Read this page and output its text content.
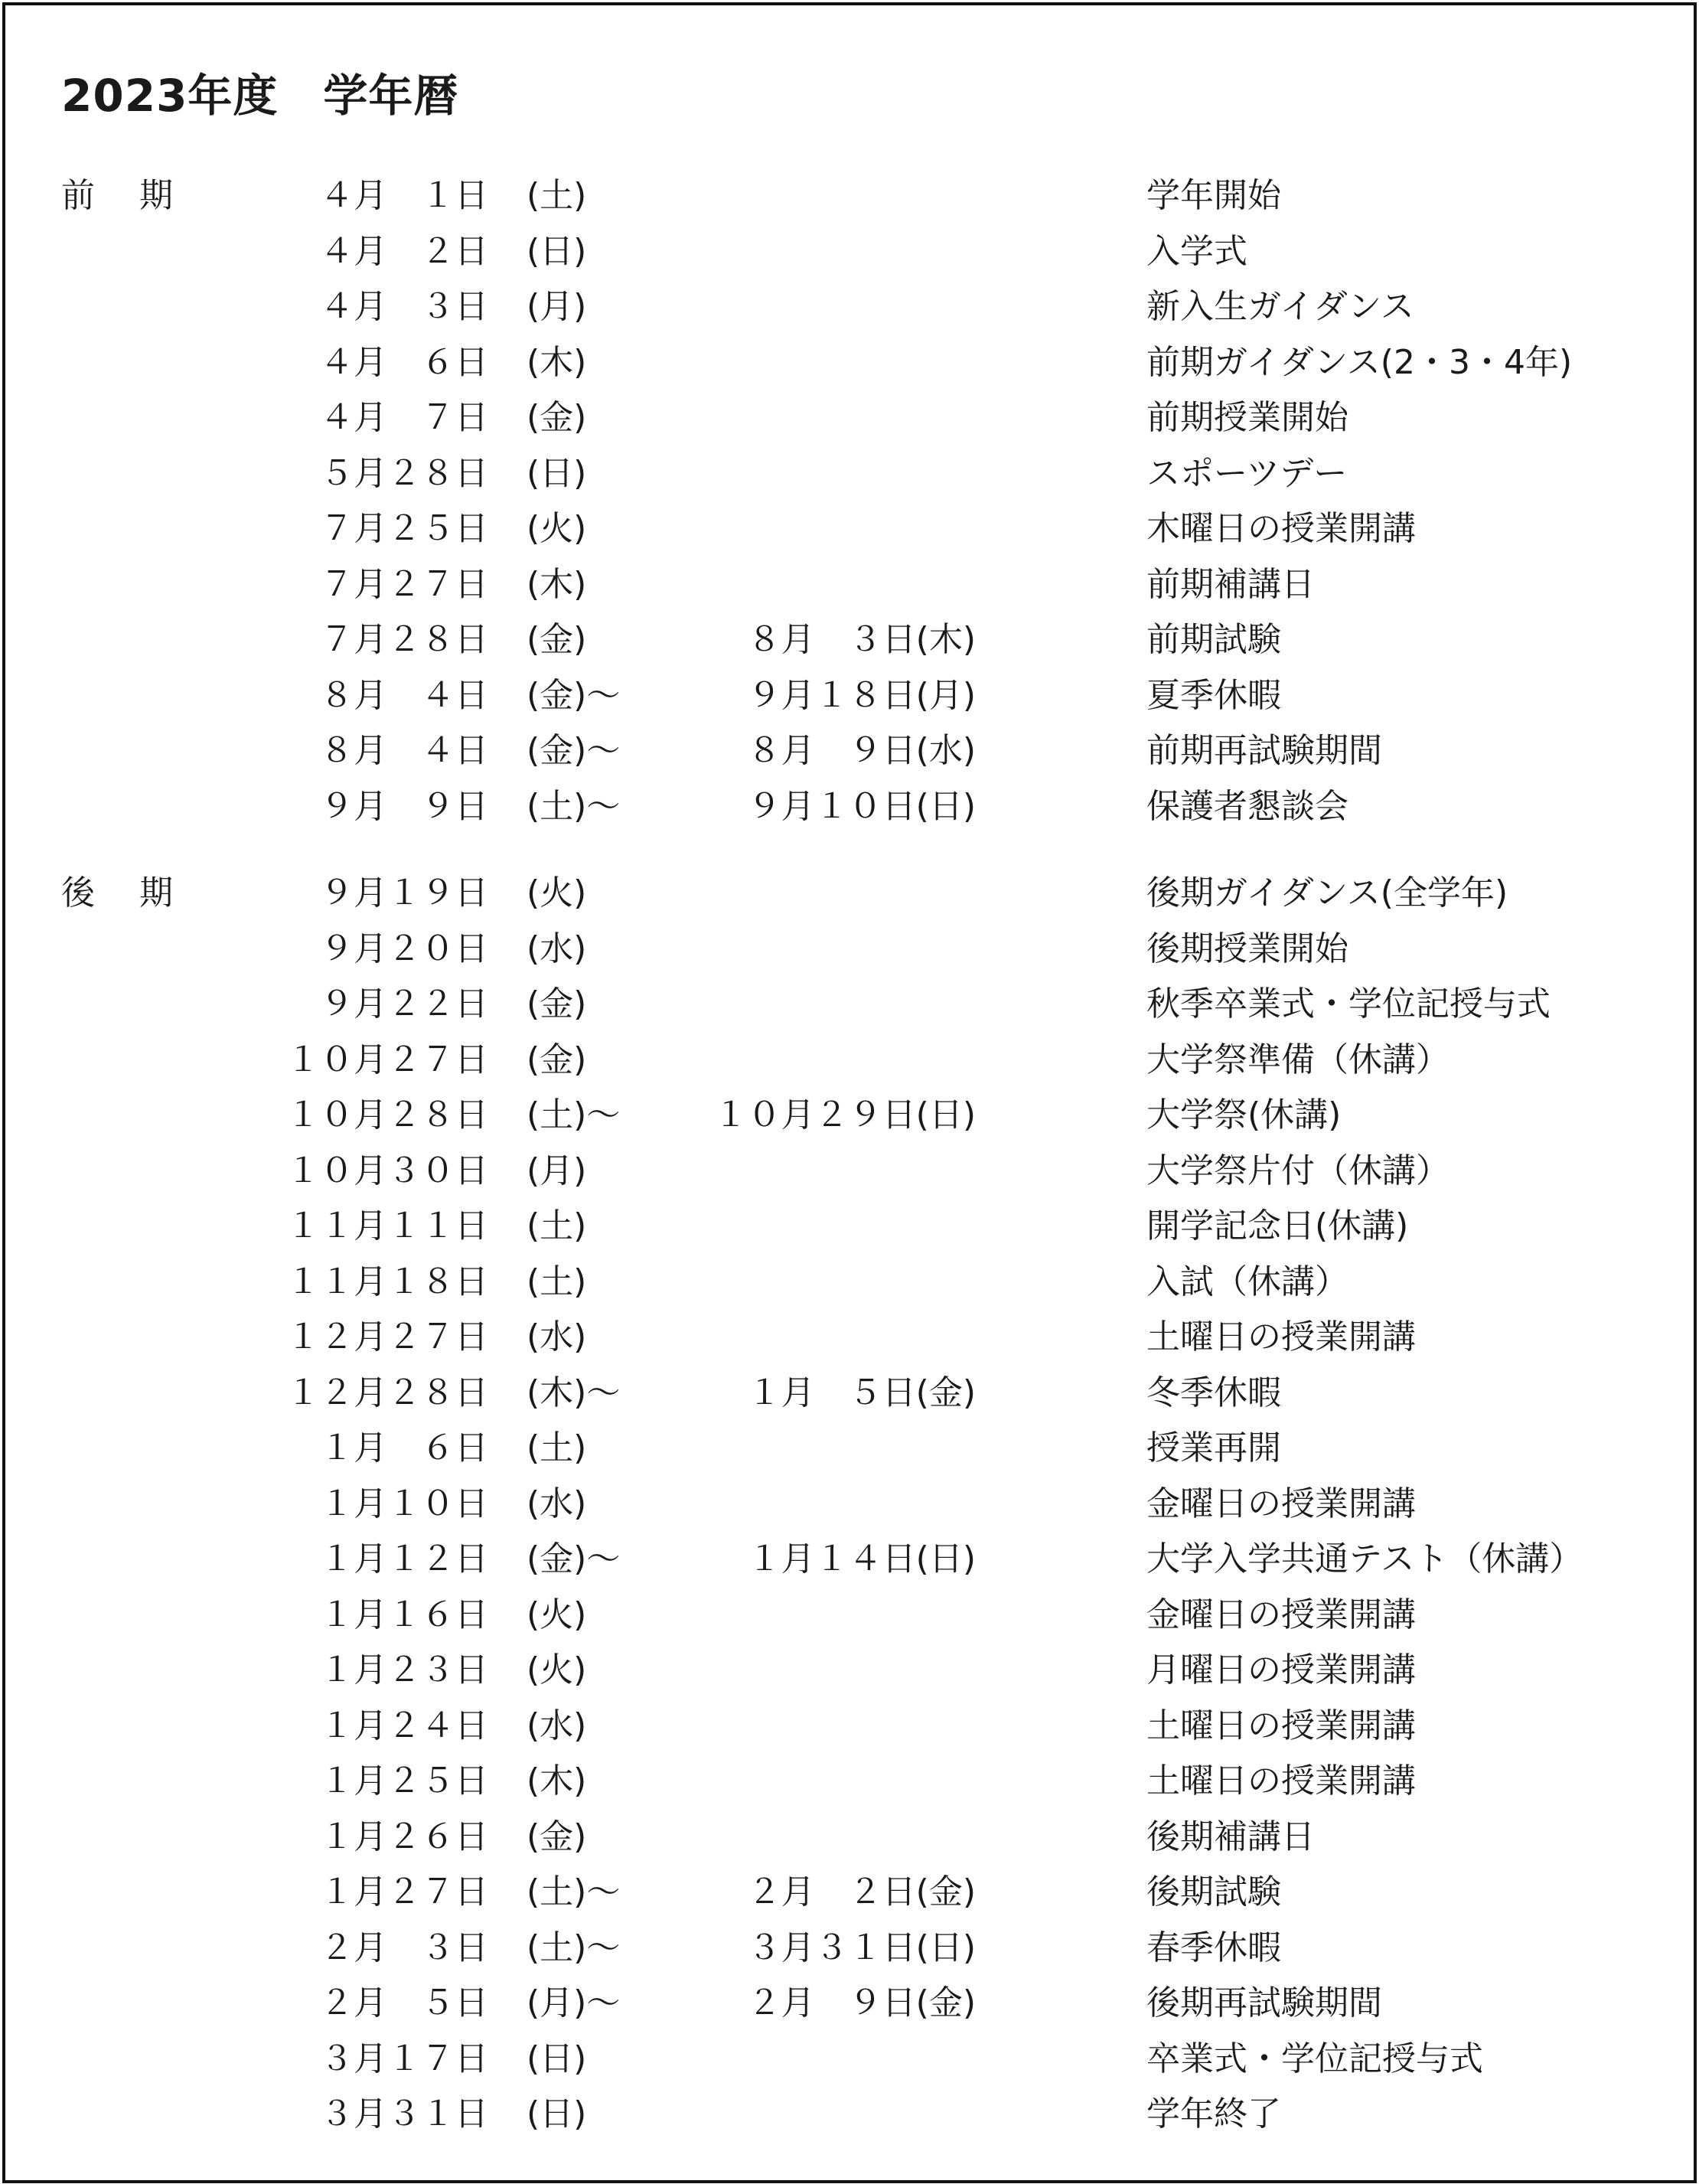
2023年度　学年暦
前 期	４月　１日 (土)	学年開始
４月　２日 (日)	入学式
４月　３日 (月)	新入生ガイダンス
４月　６日 (木)	前期ガイダンス(2・3・4年)
４月　７日 (金)	前期授業開始
５月２８日 (日)	スポーツデー
７月２５日 (火)	木曜日の授業開講
７月２７日 (木)	前期補講日
７月２８日 (金)	８月　３日(木)	前期試験
８月　４日 (金)～	９月１８日(月)	夏季休暇
８月　４日 (金)～	８月　９日(水)	前期再試験期間
９月　９日 (土)～	９月１０日(日)	保護者懇談会
後 期	９月１９日 (火)	後期ガイダンス(全学年)
９月２０日 (水)	後期授業開始
９月２２日 (金)	秋季卒業式・学位記授与式
１０月２７日 (金)	大学祭準備（休講）
１０月２８日 (土)～	１０月２９日(日)	大学祭(休講)
１０月３０日 (月)	大学祭片付（休講）
１１月１１日 (土)	開学記念日(休講)
１１月１８日 (土)	入試（休講）
１２月２７日 (水)	土曜日の授業開講
１２月２８日 (木)～	１月　５日(金)	冬季休暇
１月　６日 (土)	授業再開
１月１０日 (水)	金曜日の授業開講
１月１２日 (金)～	１月１４日(日)	大学入学共通テスト（休講）
１月１６日 (火)	金曜日の授業開講
１月２３日 (火)	月曜日の授業開講
１月２４日 (水)	土曜日の授業開講
１月２５日 (木)	土曜日の授業開講
１月２６日 (金)	後期補講日
１月２７日 (土)～	２月　２日(金)	後期試験
２月　３日 (土)～	３月３１日(日)	春季休暇
２月　５日 (月)～	２月　９日(金)	後期再試験期間
３月１７日 (日)	卒業式・学位記授与式
３月３１日 (日)	学年終了
